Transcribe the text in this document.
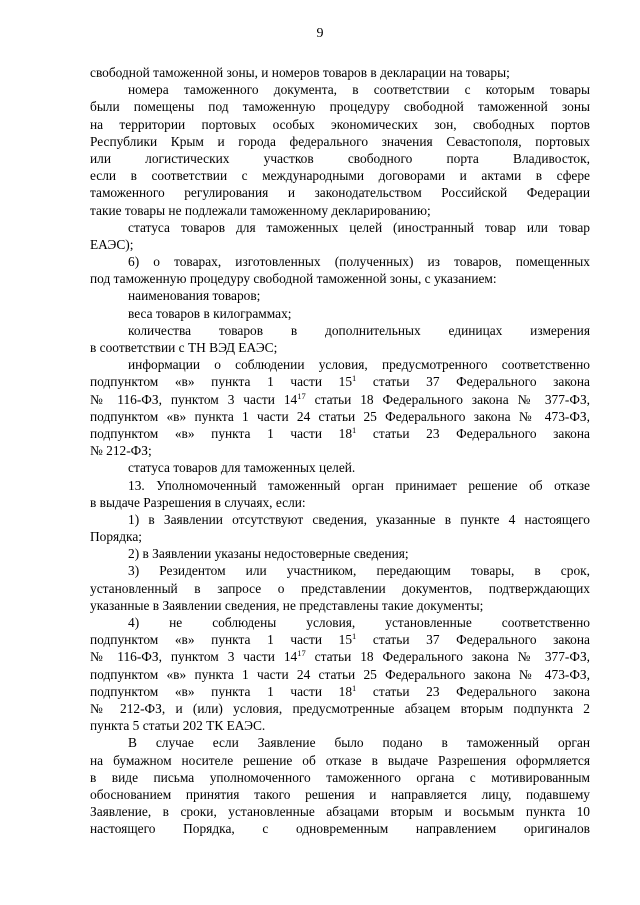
9
свободной таможенной зоны, и номеров товаров в декларации на товары;
номера таможенного документа, в соответствии с которым товары
были помещены под таможенную процедуру свободной таможенной зоны
на территории портовых особых экономических зон, свободных портов
Республики Крым и города федерального значения Севастополя, портовых
или логистических участков свободного порта Владивосток,
если в соответствии с международными договорами и актами в сфере
таможенного регулирования и законодательством Российской Федерации
такие товары не подлежали таможенному декларированию;
статуса товаров для таможенных целей (иностранный товар или товар
ЕАЭС);
6) о товарах, изготовленных (полученных) из товаров, помещенных
под таможенную процедуру свободной таможенной зоны, с указанием:
наименования товаров;
веса товаров в килограммах;
количества товаров в дополнительных единицах измерения
в соответствии с ТН ВЭД ЕАЭС;
информации о соблюдении условия, предусмотренного соответственно
подпунктом «в» пункта 1 части $15^1$ статьи 37 Федерального закона
№ 116-ФЗ, пунктом 3 части $14^{17}$ статьи 18 Федерального закона № 377-ФЗ,
подпунктом «в» пункта 1 части 24 статьи 25 Федерального закона № 473-ФЗ,
подпунктом «в» пункта 1 части $18^1$ статьи 23 Федерального закона
№ 212-ФЗ;
статуса товаров для таможенных целей.
13. Уполномоченный таможенный орган принимает решение об отказе
в выдаче Разрешения в случаях, если:
1) в Заявлении отсутствуют сведения, указанные в пункте 4 настоящего
Порядка;
2) в Заявлении указаны недостоверные сведения;
3) Резидентом или участником, передающим товары, в срок,
установленный в запросе о представлении документов, подтверждающих
указанные в Заявлении сведения, не представлены такие документы;
4) не соблюдены условия, установленные соответственно
подпунктом «в» пункта 1 части $15^1$ статьи 37 Федерального закона
№ 116-ФЗ, пунктом 3 части $14^{17}$ статьи 18 Федерального закона № 377-ФЗ,
подпунктом «в» пункта 1 части 24 статьи 25 Федерального закона № 473-ФЗ,
подпунктом «в» пункта 1 части $18^1$ статьи 23 Федерального закона
№ 212-ФЗ, и (или) условия, предусмотренные абзацем вторым подпункта 2
пункта 5 статьи 202 ТК ЕАЭС.
В случае если Заявление было подано в таможенный орган
на бумажном носителе решение об отказе в выдаче Разрешения оформляется
в виде письма уполномоченного таможенного органа с мотивированным
обоснованием принятия такого решения и направляется лицу, подавшему
Заявление, в сроки, установленные абзацами вторым и восьмым пункта 10
настоящего Порядка, с одновременным направлением оригиналов
